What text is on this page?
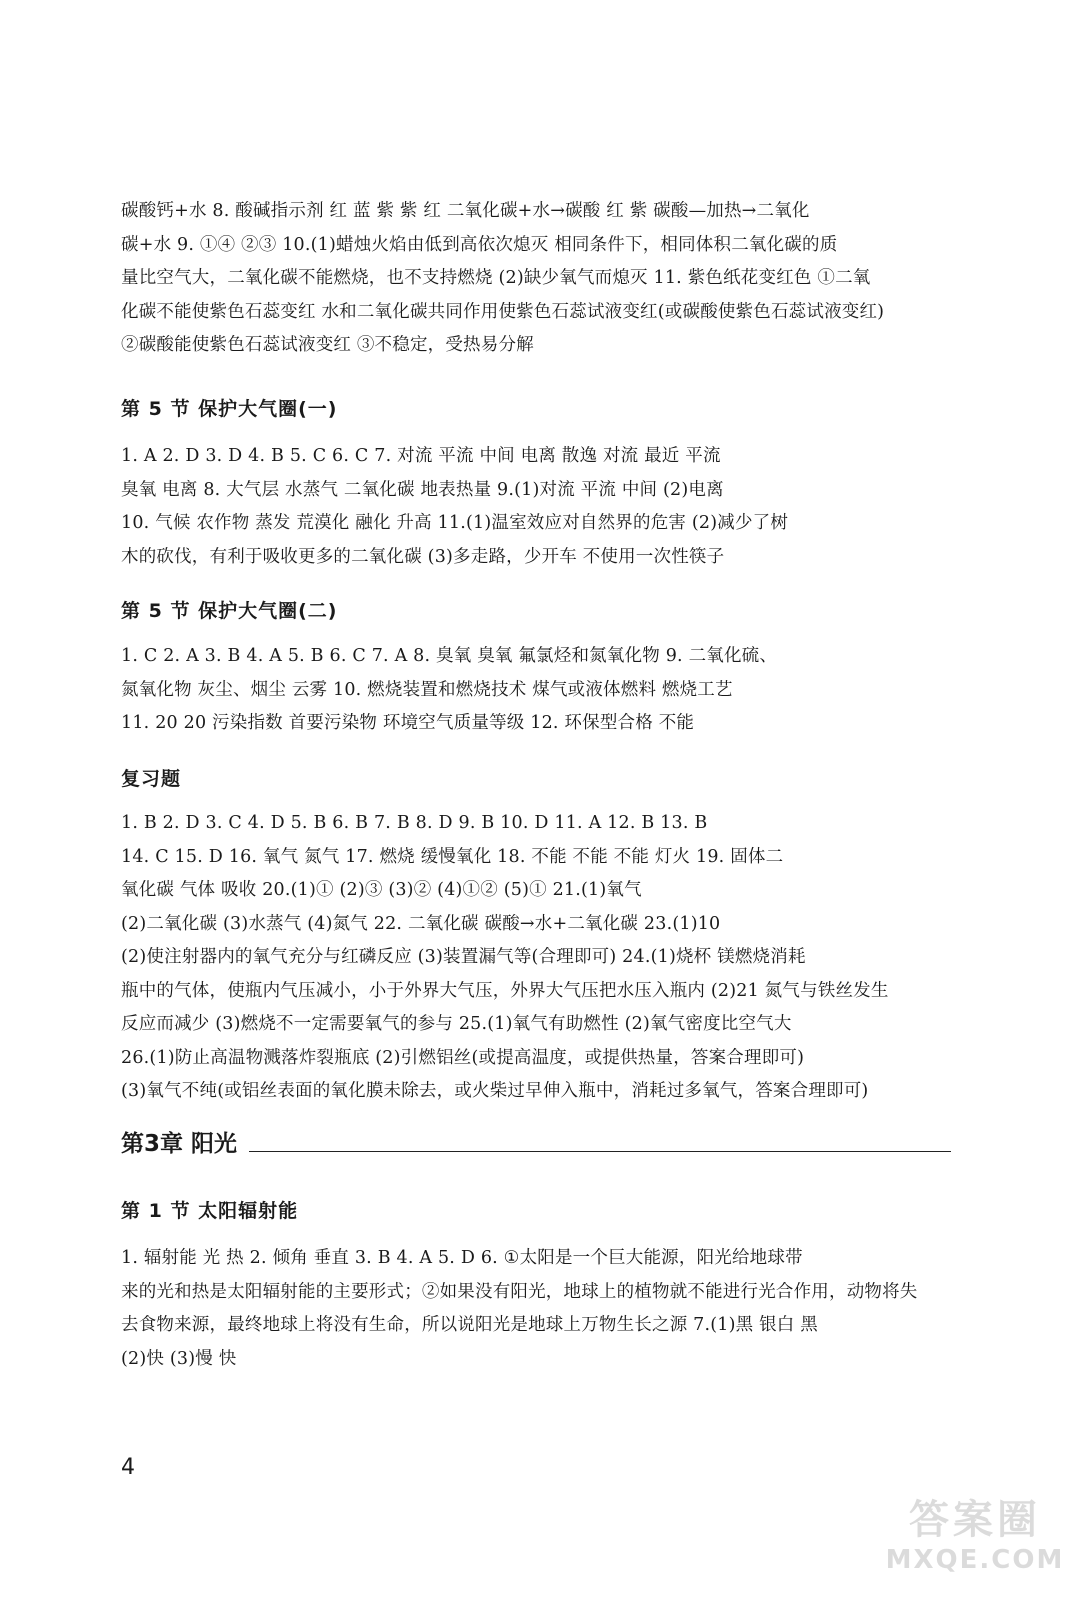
碳酸钙+水 8. 酸碱指示剂 红 蓝 紫 紫 红 二氧化碳+水→碳酸 红 紫 碳酸—加热→二氧化
碳+水 9. ①④ ②③ 10.(1)蜡烛火焰由低到高依次熄灭 相同条件下，相同体积二氧化碳的质
量比空气大，二氧化碳不能燃烧，也不支持燃烧 (2)缺少氧气而熄灭 11. 紫色纸花变红色 ①二氧
化碳不能使紫色石蕊变红 水和二氧化碳共同作用使紫色石蕊试液变红(或碳酸使紫色石蕊试液变红)
②碳酸能使紫色石蕊试液变红 ③不稳定，受热易分解
第 5 节 保护大气圈(一)
1. A 2. D 3. D 4. B 5. C 6. C 7. 对流 平流 中间 电离 散逸 对流 最近 平流
臭氧 电离 8. 大气层 水蒸气 二氧化碳 地表热量 9.(1)对流 平流 中间 (2)电离
10. 气候 农作物 蒸发 荒漠化 融化 升高 11.(1)温室效应对自然界的危害 (2)减少了树
木的砍伐，有利于吸收更多的二氧化碳 (3)多走路，少开车 不使用一次性筷子
第 5 节 保护大气圈(二)
1. C 2. A 3. B 4. A 5. B 6. C 7. A 8. 臭氧 臭氧 氟氯烃和氮氧化物 9. 二氧化硫、
氮氧化物 灰尘、烟尘 云雾 10. 燃烧装置和燃烧技术 煤气或液体燃料 燃烧工艺
11. 20 20 污染指数 首要污染物 环境空气质量等级 12. 环保型合格 不能
复习题
1. B 2. D 3. C 4. D 5. B 6. B 7. B 8. D 9. B 10. D 11. A 12. B 13. B
14. C 15. D 16. 氧气 氮气 17. 燃烧 缓慢氧化 18. 不能 不能 不能 灯火 19. 固体二
氧化碳 气体 吸收 20.(1)① (2)③ (3)② (4)①② (5)① 21.(1)氧气
(2)二氧化碳 (3)水蒸气 (4)氮气 22. 二氧化碳 碳酸→水+二氧化碳 23.(1)10
(2)使注射器内的氧气充分与红磷反应 (3)装置漏气等(合理即可) 24.(1)烧杯 镁燃烧消耗
瓶中的气体，使瓶内气压减小，小于外界大气压，外界大气压把水压入瓶内 (2)21 氮气与铁丝发生
反应而减少 (3)燃烧不一定需要氧气的参与 25.(1)氧气有助燃性 (2)氧气密度比空气大
26.(1)防止高温物溅落炸裂瓶底 (2)引燃铝丝(或提高温度，或提供热量，答案合理即可)
(3)氧气不纯(或铝丝表面的氧化膜未除去，或火柴过早伸入瓶中，消耗过多氧气，答案合理即可)
第3章 阳光
第 1 节 太阳辐射能
1. 辐射能 光 热 2. 倾角 垂直 3. B 4. A 5. D 6. ①太阳是一个巨大能源，阳光给地球带
来的光和热是太阳辐射能的主要形式；②如果没有阳光，地球上的植物就不能进行光合作用，动物将失
去食物来源，最终地球上将没有生命，所以说阳光是地球上万物生长之源 7.(1)黑 银白 黑
(2)快 (3)慢 快
4
答案圈
MXQE.COM
